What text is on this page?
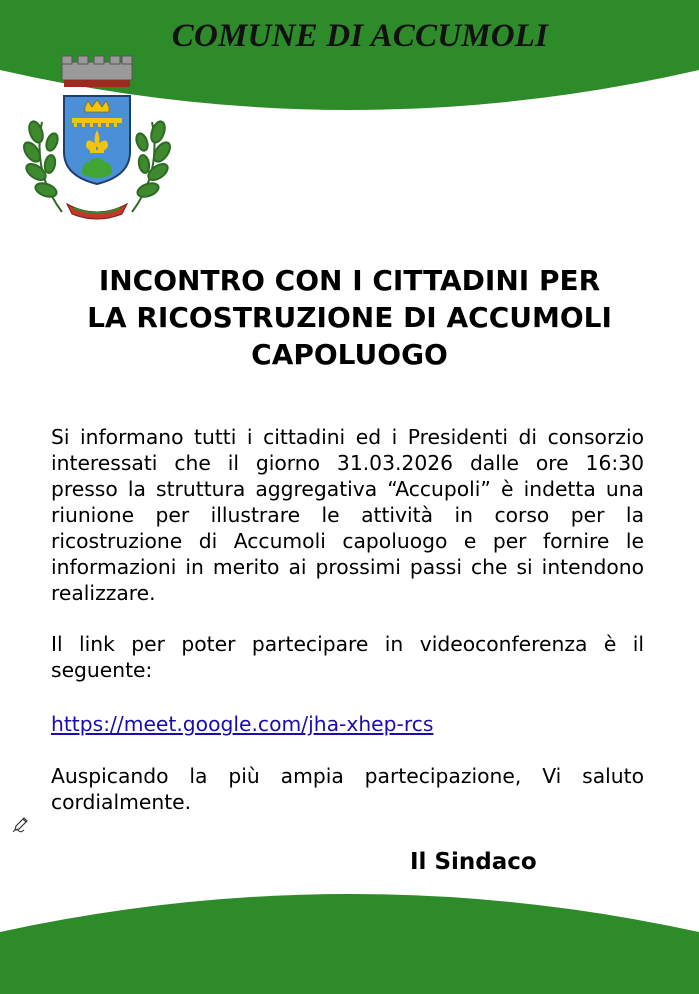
COMUNE DI ACCUMOLI
INCONTRO CON I CITTADINI PER
LA RICOSTRUZIONE DI ACCUMOLI
CAPOLUOGO

Si informano tutti i cittadini ed i Presidenti di consorzio interessati che il giorno 31.03.2026 dalle ore 16:30 presso la struttura aggregativa “Accupoli” è indetta una riunione per illustrare le attività in corso per la ricostruzione di Accumoli capoluogo e per fornire le informazioni in merito ai prossimi passi che si intendono realizzare.

Il link per poter partecipare in videoconferenza è il seguente:

https://meet.google.com/jha-xhep-rcs

Auspicando la più ampia partecipazione, Vi saluto cordialmente.

Il Sindaco
